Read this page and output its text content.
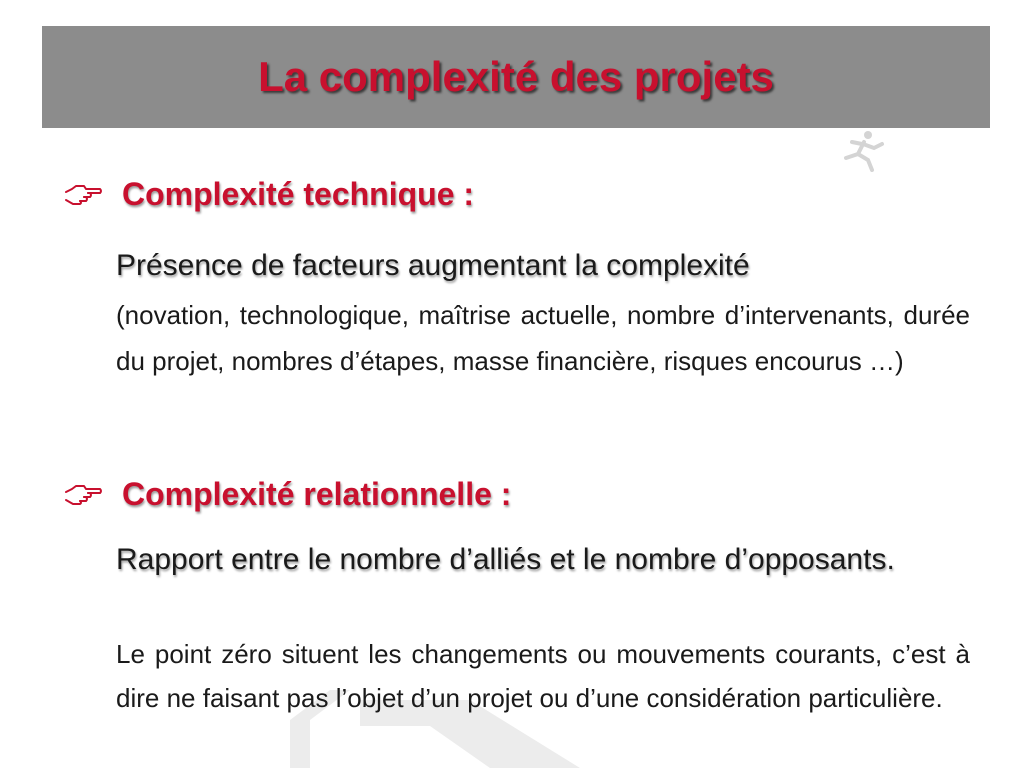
La complexité des projets
Complexité technique :
Présence de facteurs augmentant la complexité
(novation, technologique, maîtrise actuelle, nombre d’intervenants, durée du projet, nombres d’étapes, masse financière, risques encourus …)
Complexité relationnelle :
Rapport entre le nombre d’alliés et le nombre d’opposants.
Le point zéro situent les changements ou mouvements courants, c’est à dire ne faisant pas l’objet d’un projet ou d’une considération particulière.
